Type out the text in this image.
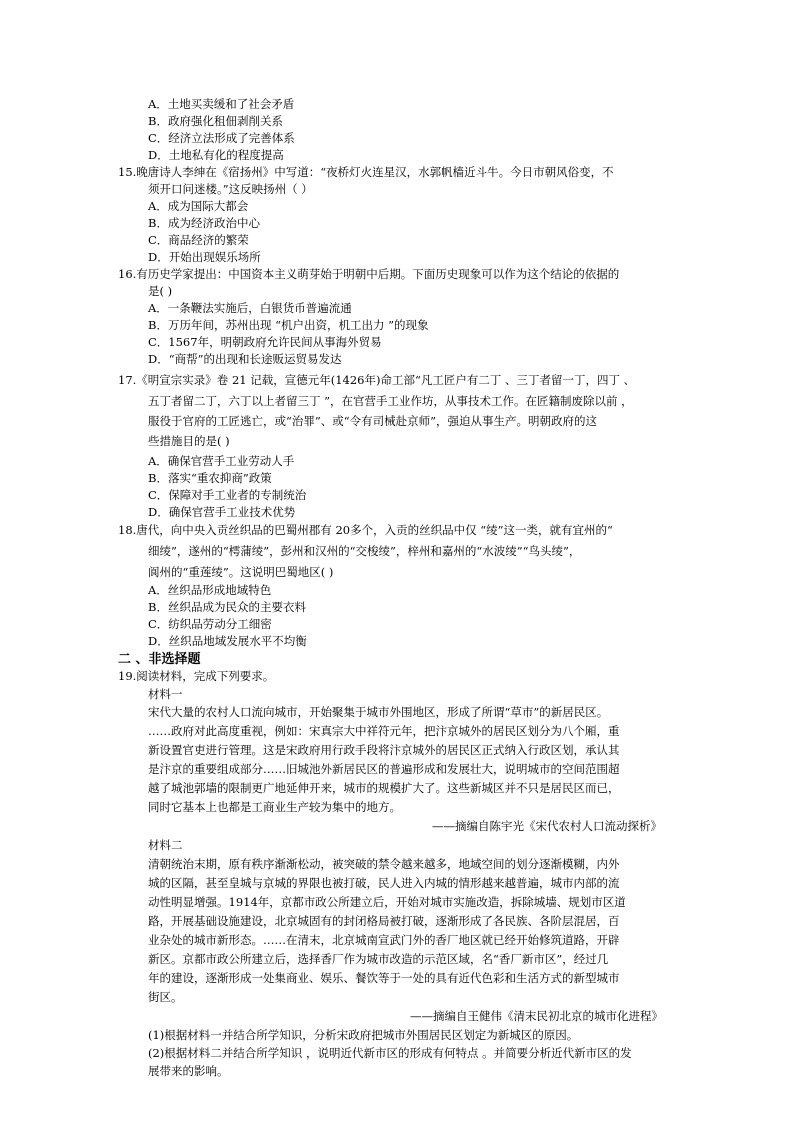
A．土地买卖缓和了社会矛盾
B．政府强化租佃剥削关系
C．经济立法形成了完善体系
D．土地私有化的程度提高
15.晚唐诗人李绅在《宿扬州》中写道：“夜桥灯火连星汉，水郭帆樯近斗牛。今日市朝风俗变，不
须开口问迷楼。”这反映扬州（ ）
A．成为国际大都会
B．成为经济政治中心
C．商品经济的繁荣
D．开始出现娱乐场所
16.有历史学家提出：中国资本主义萌芽始于明朝中后期。下面历史现象可以作为这个结论的依据的
是( )
A．一条鞭法实施后，白银货币普遍流通
B．万历年间，苏州出现 “机户出资，机工出力 ”的现象
C．1567年，明朝政府允许民间从事海外贸易
D．“商帮”的出现和长途贩运贸易发达
17.《明宣宗实录》卷 21 记载，宣德元年(1426年)命工部“凡工匠户有二丁 、三丁者留一丁，四丁 、
五丁者留二丁，六丁以上者留三丁 ”，在官营手工业作坊，从事技术工作。在匠籍制废除以前 ，
服役于官府的工匠逃亡，或“治罪”、或“令有司械赴京师”，强迫从事生产。明朝政府的这
些措施目的是( )
A．确保官营手工业劳动人手
B．落实“重农抑商”政策
C．保障对手工业者的专制统治
D．确保官营手工业技术优势
18.唐代，向中央入贡丝织品的巴蜀州郡有 20多个，入贡的丝织品中仅 “绫”这一类，就有宜州的“
细绫”，遂州的“樗蒲绫”，彭州和汉州的“交梭绫”，梓州和嘉州的“水波绫”“鸟头绫”，
阆州的“重莲绫”。这说明巴蜀地区( )
A．丝织品形成地域特色
B．丝织品成为民众的主要衣料
C．纺织品劳动分工细密
D．丝织品地域发展水平不均衡
二 、非选择题
19.阅读材料，完成下列要求。
材料一
宋代大量的农村人口流向城市，开始聚集于城市外围地区，形成了所谓“草市”的新居民区。
……政府对此高度重视，例如：宋真宗大中祥符元年，把汴京城外的居民区划分为八个厢，重
新设置官吏进行管理。这是宋政府用行政手段将汴京城外的居民区正式纳入行政区划，承认其
是汴京的重要组成部分……旧城池外新居民区的普遍形成和发展壮大，说明城市的空间范围超
越了城池郭墙的限制更广地延伸开来，城市的规模扩大了。这些新城区并不只是居民区而已，
同时它基本上也都是工商业生产较为集中的地方。
——摘编自陈宇光《宋代农村人口流动探析》
材料二
清朝统治末期，原有秩序渐渐松动，被突破的禁令越来越多，地域空间的划分逐渐模糊，内外
城的区隔，甚至皇城与京城的界限也被打破，民人进入内城的情形越来越普遍，城市内部的流
动性明显增强。1914年，京都市政公所建立后，开始对城市实施改造，拆除城墙、规划市区道
路，开展基础设施建设，北京城固有的封闭格局被打破，逐渐形成了各民族、各阶层混居，百
业杂处的城市新形态。……在清末，北京城南宣武门外的香厂地区就已经开始修筑道路，开辟
新区。京都市政公所建立后，选择香厂作为城市改造的示范区域，名“香厂新市区”，经过几
年的建设，逐渐形成一处集商业、娱乐、餐饮等于一处的具有近代色彩和生活方式的新型城市
街区。
——摘编自王健伟《清末民初北京的城市化进程》
(1)根据材料一并结合所学知识，分析宋政府把城市外围居民区划定为新城区的原因。
(2)根据材料二并结合所学知识 ，说明近代新市区的形成有何特点 。并简要分析近代新市区的发
展带来的影响。
